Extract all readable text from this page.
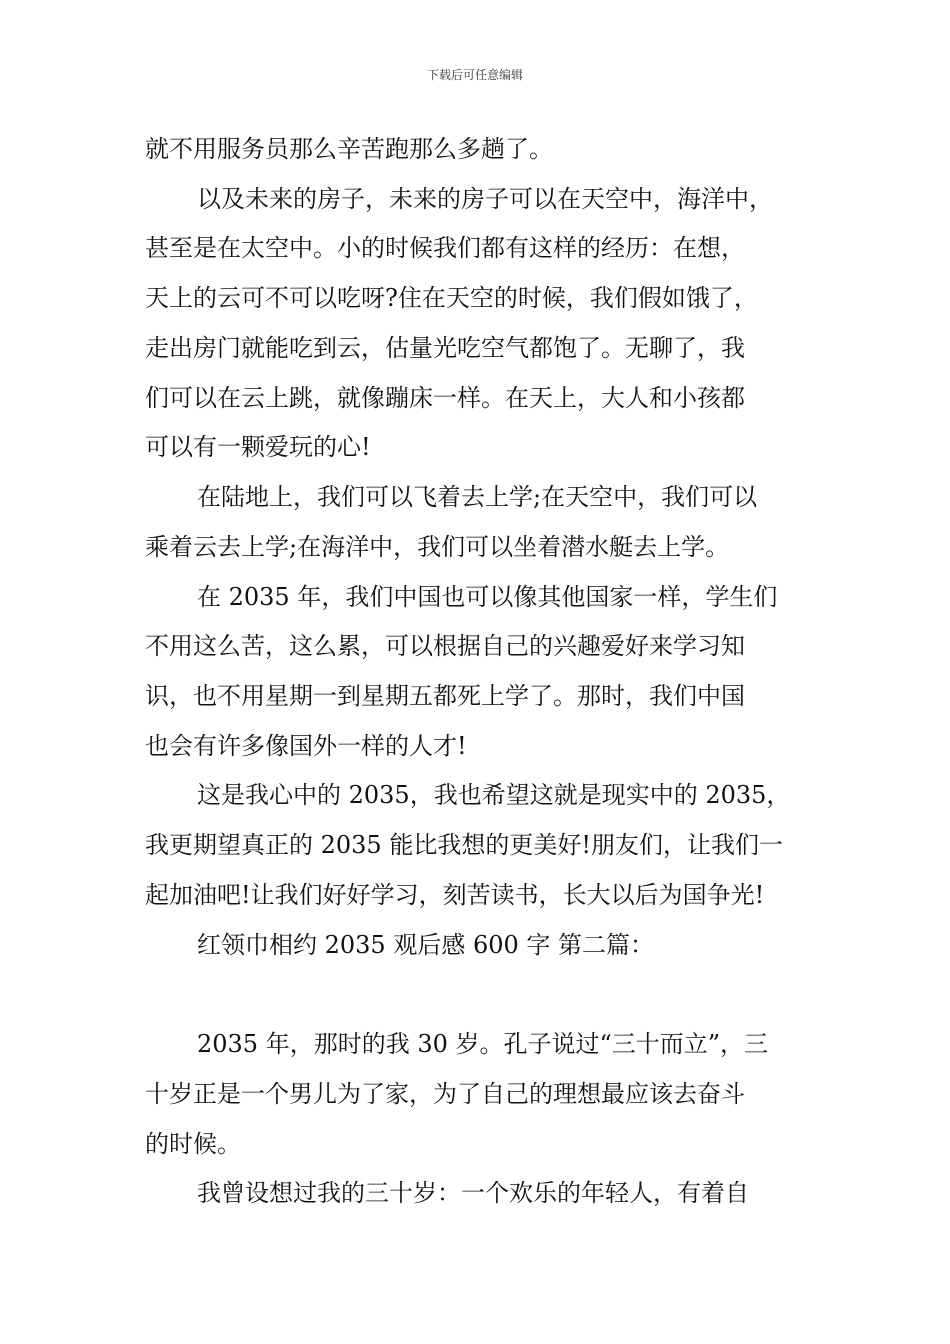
下载后可任意编辑
就不用服务员那么辛苦跑那么多趟了。
以及未来的房子，未来的房子可以在天空中，海洋中，
甚至是在太空中。小的时候我们都有这样的经历：在想，
天上的云可不可以吃呀?住在天空的时候，我们假如饿了，
走出房门就能吃到云，估量光吃空气都饱了。无聊了，我
们可以在云上跳，就像蹦床一样。在天上，大人和小孩都
可以有一颗爱玩的心!
在陆地上，我们可以飞着去上学;在天空中，我们可以
乘着云去上学;在海洋中，我们可以坐着潜水艇去上学。
在 2035 年，我们中国也可以像其他国家一样，学生们
不用这么苦，这么累，可以根据自己的兴趣爱好来学习知
识，也不用星期一到星期五都死上学了。那时，我们中国
也会有许多像国外一样的人才!
这是我心中的 2035，我也希望这就是现实中的 2035，
我更期望真正的 2035 能比我想的更美好!朋友们，让我们一
起加油吧!让我们好好学习，刻苦读书，长大以后为国争光!
红领巾相约 2035 观后感 600 字 第二篇：
2035 年，那时的我 30 岁。孔子说过“三十而立”，三
十岁正是一个男儿为了家，为了自己的理想最应该去奋斗
的时候。
我曾设想过我的三十岁：一个欢乐的年轻人，有着自
